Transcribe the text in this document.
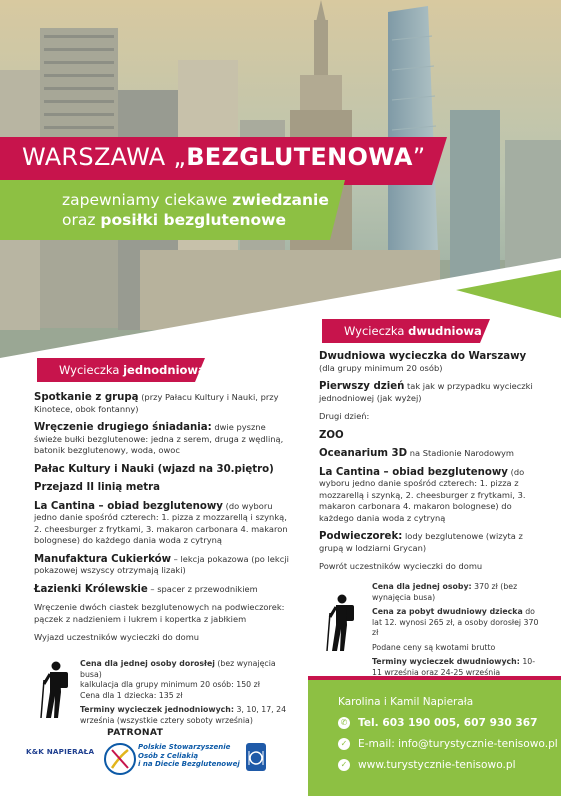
WARSZAWA „BEZGLUTENOWA”
zapewniamy ciekawe zwiedzanie
oraz posiłki bezglutenowe
Wycieczka jednodniowa
Wycieczka dwudniowa

Spotkanie z grupą (przy Pałacu Kultury i Nauki, przy Kinotece, obok fontanny)

Wręczenie drugiego śniadania: dwie pyszne świeże bułki bezglutenowe: jedna z serem, druga z wędliną, batonik bezglutenowy, woda, owoc

Pałac Kultury i Nauki (wjazd na 30.piętro)

Przejazd II linią metra

La Cantina – obiad bezglutenowy (do wyboru jedno danie spośród czterech: 1. pizza z mozzarellą i szynką, 2. cheesburger z frytkami, 3. makaron carbonara 4. makaron bolognese) do każdego dania woda z cytryną

Manufaktura Cukierków – lekcja pokazowa (po lekcji pokazowej wszyscy otrzymają lizaki)

Łazienki Królewskie – spacer z przewodnikiem

Wręczenie dwóch ciastek bezglutenowych na podwieczorek: pączek z nadzieniem i lukrem i kopertka z jabłkiem

Wyjazd uczestników wycieczki do domu

Dwudniowa wycieczka do Warszawy (dla grupy minimum 20 osób)

Pierwszy dzień tak jak w przypadku wycieczki jednodniowej (jak wyżej)

Drugi dzień:

ZOO

Oceanarium 3D na Stadionie Narodowym

La Cantina – obiad bezglutenowy (do wyboru jedno danie spośród czterech: 1. pizza z mozzarellą i szynką, 2. cheesburger z frytkami, 3. makaron carbonara 4. makaron bolognese) do każdego dania woda z cytryną

Podwieczorek: lody bezglutenowe (wizyta z grupą w lodziarni Grycan)

Powrót uczestników wycieczki do domu

Cena dla jednej osoby dorosłej (bez wynajęcia busa)
kalkulacja dla grupy minimum 20 osób: 150 zł
Cena dla 1 dziecka: 135 zł

Terminy wycieczek jednodniowych: 3, 10, 17, 24 września (wszystkie cztery soboty września)

Cena dla jednej osoby: 370 zł (bez wynajęcia busa)

Cena za pobyt dwudniowy dziecka do lat 12. wynosi 265 zł, a osoby dorosłej 370 zł

Podane ceny są kwotami brutto

Terminy wycieczek dwudniowych: 10-11 września oraz 24-25 września

Karolina i Kamil Napierała
✆ Tel. 603 190 005, 607 930 367
✓ E-mail: info@turystycznie-tenisowo.pl
✓ www.turystycznie-tenisowo.pl
K&K NAPIERAŁA
PATRONAT
Polskie Stowarzyszenie
Osób z Celiakią
i na Diecie Bezglutenowej
